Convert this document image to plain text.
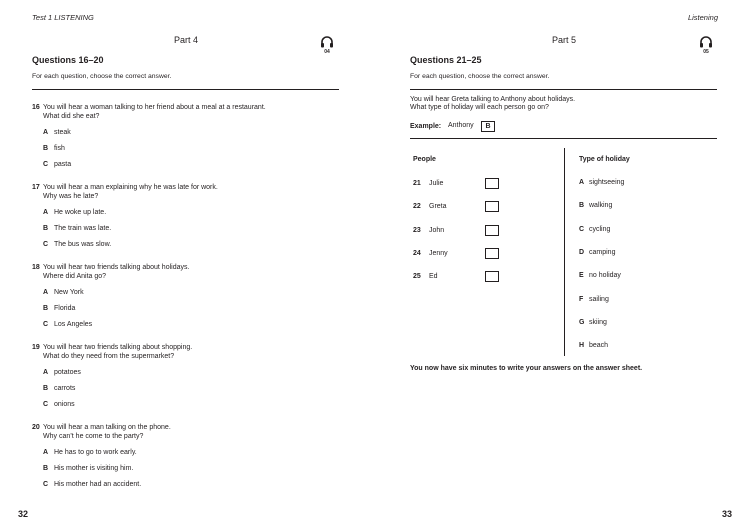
Test 1 LISTENING	Listening
Part 4
04
Questions 16–20
For each question, choose the correct answer.
16 You will hear a woman talking to her friend about a meal at a restaurant.
What did she eat?
A steak
B fish
C pasta
17 You will hear a man explaining why he was late for work.
Why was he late?
A He woke up late.
B The train was late.
C The bus was slow.
18 You will hear two friends talking about holidays.
Where did Anita go?
A New York
B Florida
C Los Angeles
19 You will hear two friends talking about shopping.
What do they need from the supermarket?
A potatoes
B carrots
C onions
20 You will hear a man talking on the phone.
Why can’t he come to the party?
A He has to go to work early.
B His mother is visiting him.
C His mother had an accident.
32
Part 5
05
Questions 21–25
For each question, choose the correct answer.
You will hear Greta talking to Anthony about holidays.
What type of holiday will each person go on?
Example: Anthony	B
People	Type of holiday
21 Julie
22 Greta
23 John
24 Jenny
25 Ed
A sightseeing
B walking
C cycling
D camping
E no holiday
F sailing
G skiing
H beach
You now have six minutes to write your answers on the answer sheet.
33
